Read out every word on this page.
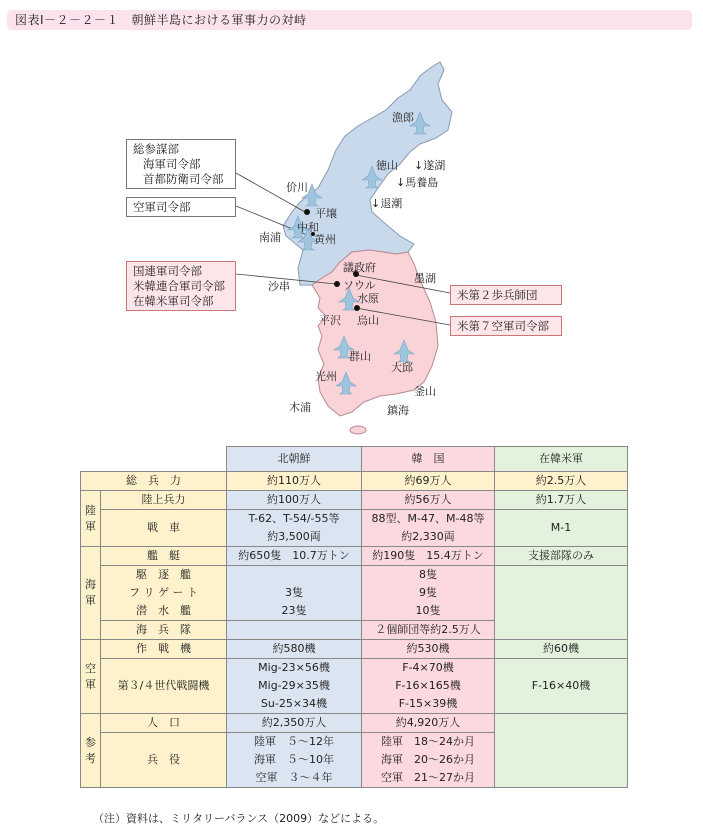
図表Ⅰ－２－２－１　朝鮮半島における軍事力の対峙
総参謀部
海軍司令部
首都防衛司令部
空軍司令部
国連軍司令部
米韓連合軍司令部
在韓米軍司令部	米第２歩兵師団
米第７空軍司令部
漁郎
徳山 ↓遂湖
↓馬養島
↓退潮
价川
平壌
中和
南浦	黄州
議政府
沙串
墨湖
ソウル
水原
平沢 烏山
群山
光州
大邱
木浦
釜山
鎮海
		北朝鮮	韓　国	在韓米軍
総　兵　力		約110万人	約69万人	約2.5万人
陸軍	陸上兵力	約100万人	約56万人	約1.7万人
	戦　車	T-62、T-54/-55等	88型、M-47、M-48等	M-1
		約3,500両	約2,330両	
海軍	艦　艇	約650隻　10.7万トン	約190隻　15.4万トン	支援部隊のみ
	駆　逐　艦		8隻	
	フ リ ゲ ー ト	3隻	9隻	
	潜　水　艦	23隻	10隻	
	海　兵　隊		２個師団等約2.5万人	
空軍	作　戦　機	約580機	約530機	約60機
	第３/４世代戦闘機	Mig-23×56機	F-4×70機	F-16×40機
		Mig-29×35機	F-16×165機	
		Su-25×34機	F-15×39機	
参考	人　口	約2,350万人	約4,920万人	
	兵　役	陸軍　５～12年	陸軍　18～24か月	
		海軍　５～10年	海軍　20～26か月	
		空軍　３～４年	空軍　21～27か月	
（注）資料は、ミリタリーバランス（2009）などによる。
